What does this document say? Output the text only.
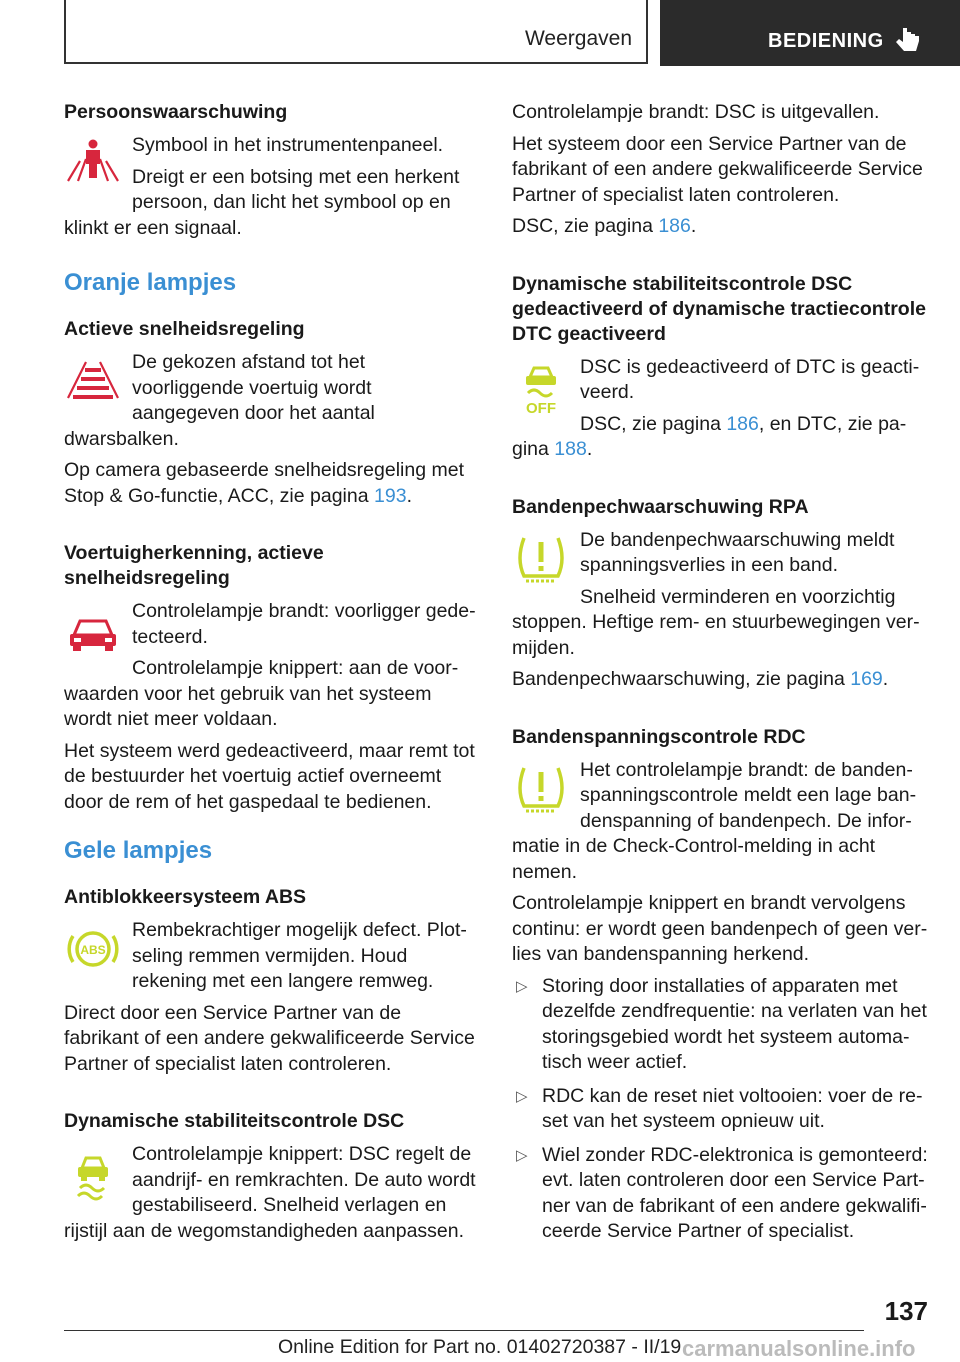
Weergaven	BEDIENING
Persoonswaarschuwing
Symbool in het instrumentenpaneel.
Dreigt er een botsing met een herkent persoon, dan licht het symbool op en klinkt er een signaal.
Oranje lampjes
Actieve snelheidsregeling
De gekozen afstand tot het voorliggende voertuig wordt aangegeven door het aantal dwarsbalken.
Op camera gebaseerde snelheidsregeling met Stop & Go-functie, ACC, zie pagina 193.
Voertuigherkenning, actieve snelheidsregeling
Controlelampje brandt: voorligger gedetecteerd.
Controlelampje knippert: aan de voorwaarden voor het gebruik van het systeem wordt niet meer voldaan.
Het systeem werd gedeactiveerd, maar remt tot de bestuurder het voertuig actief overneemt door de rem of het gaspedaal te bedienen.
Gele lampjes
Antiblokkeersysteem ABS
ABS
Rembekrachtiger mogelijk defect. Plotseling remmen vermijden. Houd rekening met een langere remweg.
Direct door een Service Partner van de fabrikant of een andere gekwalificeerde Service Partner of specialist laten controleren.
Dynamische stabiliteitscontrole DSC
Controlelampje knippert: DSC regelt de aandrijf- en remkrachten. De auto wordt gestabiliseerd. Snelheid verlagen en rijstijl aan de wegomstandigheden aanpassen.
Controlelampje brandt: DSC is uitgevallen.
Het systeem door een Service Partner van de fabrikant of een andere gekwalificeerde Service Partner of specialist laten controleren.
DSC, zie pagina 186.
Dynamische stabiliteitscontrole DSC gedeactiveerd of dynamische tractiecontrole DTC geactiveerd
OFF
DSC is gedeactiveerd of DTC is geactiveerd.
DSC, zie pagina 186, en DTC, zie pagina 188.
Bandenpechwaarschuwing RPA
De bandenpechwaarschuwing meldt spanningsverlies in een band.
Snelheid verminderen en voorzichtig stoppen. Heftige rem- en stuurbewegingen vermijden.
Bandenpechwaarschuwing, zie pagina 169.
Bandenspanningscontrole RDC
Het controlelampje brandt: de bandenspanningscontrole meldt een lage bandenspanning of bandenpech. De informatie in de Check-Control-melding in acht nemen.
Controlelampje knippert en brandt vervolgens continu: er wordt geen bandenpech of geen verlies van bandenspanning herkend.
▷ Storing door installaties of apparaten met dezelfde zendfrequentie: na verlaten van het storingsgebied wordt het systeem automatisch weer actief.
▷ RDC kan de reset niet voltooien: voer de reset van het systeem opnieuw uit.
▷ Wiel zonder RDC-elektronica is gemonteerd: evt. laten controleren door een Service Partner van de fabrikant of een andere gekwalificeerde Service Partner of specialist.
137
Online Edition for Part no. 01402720387 - II/19 carmanualsonline.info
